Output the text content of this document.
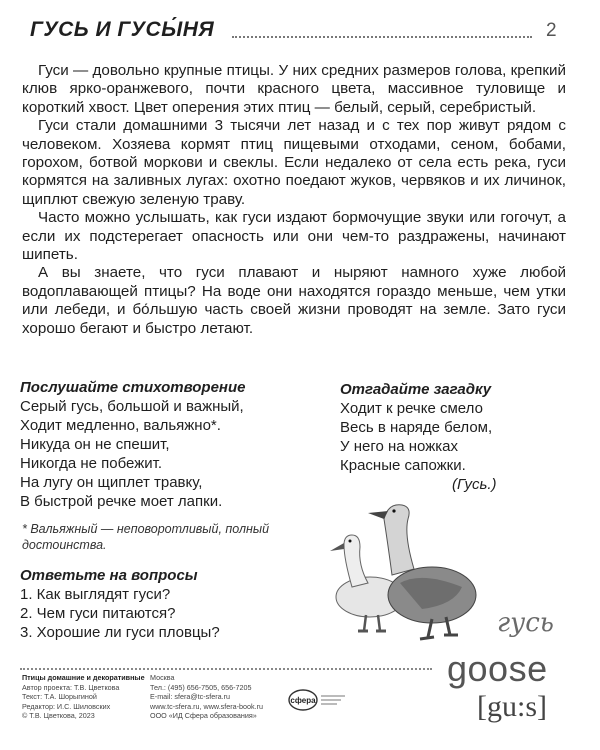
ГУСЬ И ГУСЫ́НЯ	2

Гуси — довольно крупные птицы. У них средних размеров голова, крепкий клюв ярко-оранжевого, почти красного цвета, массивное туловище и короткий хвост. Цвет оперения этих птиц — белый, серый, серебристый.

Гуси стали домашними 3 тысячи лет назад и с тех пор живут рядом с человеком. Хозяева кормят птиц пищевыми отходами, сеном, бобами, горохом, ботвой моркови и свеклы. Если недалеко от села есть река, гуси кормятся на заливных лугах: охотно поедают жуков, червяков и их личинок, щиплют свежую зеленую траву.

Часто можно услышать, как гуси издают бормочущие звуки или гогочут, а если их подстерегает опасность или они чем-то раздражены, начинают шипеть.

А вы знаете, что гуси плавают и ныряют намного хуже любой водоплавающей птицы? На воде они находятся гораздо меньше, чем утки или лебеди, и бо́льшую часть своей жизни проводят на земле. Зато гуси хорошо бегают и быстро летают.

Послушайте стихотворение
Серый гусь, большой и важный,
Ходит медленно, вальяжно*.
Никуда он не спешит,
Никогда не побежит.
На лугу он щиплет травку,
В быстрой речке моет лапки.
* Вальяжный — неповоротливый, полный достоинства.
Ответьте на вопросы
1. Как выглядят гуси?
2. Чем гуси питаются?
3. Хорошие ли гуси пловцы?
Отгадайте загадку
Ходит к речке смело
Весь в наряде белом,
У него на ножках
Красные сапожки.
(Гусь.)
гусь
goose
[gu:s]
Птицы домашние и декоративные
Автор проекта: Т.В. Цветкова
Текст: Т.А. Шорыгиной
Редактор: И.С. Шиловских
© Т.В. Цветкова, 2023
Москва
Тел.: (495) 656-7505, 656-7205
E-mail: sfera@tc-sfera.ru
www.tc-sfera.ru, www.sfera-book.ru
ООО «ИД Сфера образования»
сфера
